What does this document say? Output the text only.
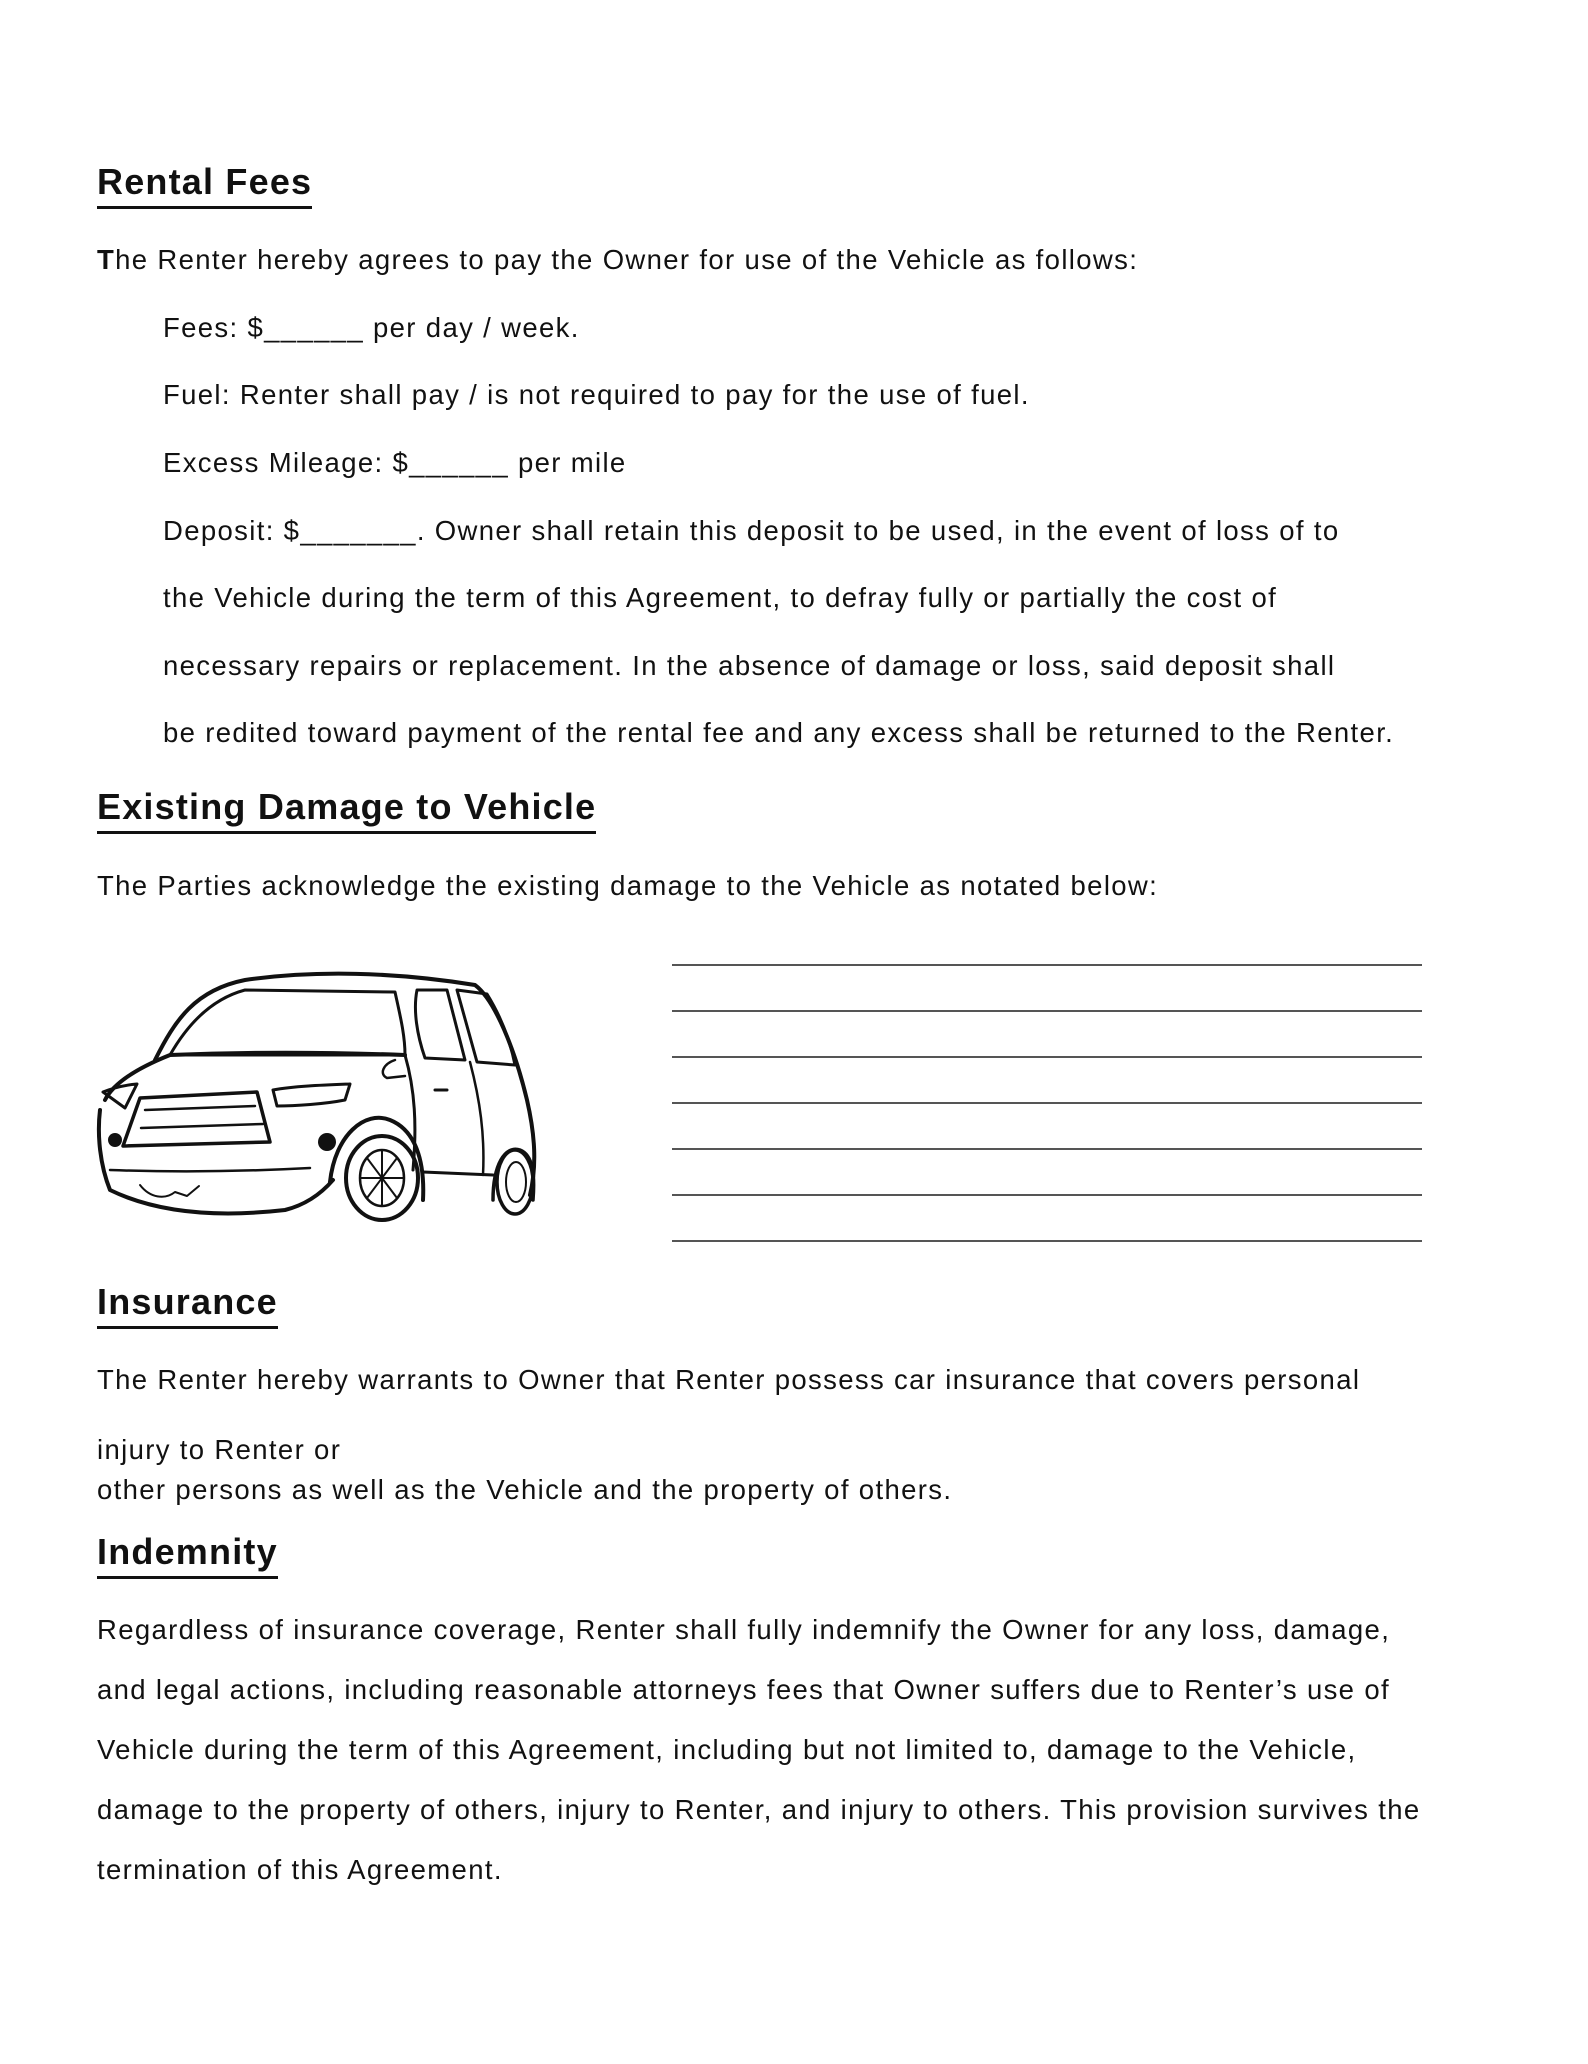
Rental Fees

The Renter hereby agrees to pay the Owner for use of the Vehicle as follows:

Fees: $______ per day / week.

Fuel: Renter shall pay / is not required to pay for the use of fuel.

Excess Mileage: $______ per mile

Deposit: $_______. Owner shall retain this deposit to be used, in the event of loss of to

the Vehicle during the term of this Agreement, to defray fully or partially the cost of

necessary repairs or replacement. In the absence of damage or loss, said deposit shall

be redited toward payment of the rental fee and any excess shall be returned to the Renter.

Existing Damage to Vehicle

The Parties acknowledge the existing damage to the Vehicle as notated below:

Insurance

The Renter hereby warrants to Owner that Renter possess car insurance that covers personal

injury to Renter or

other persons as well as the Vehicle and the property of others.

Indemnity

Regardless of insurance coverage, Renter shall fully indemnify the Owner for any loss, damage,

and legal actions, including reasonable attorneys fees that Owner suffers due to Renter’s use of

Vehicle during the term of this Agreement, including but not limited to, damage to the Vehicle,

damage to the property of others, injury to Renter, and injury to others. This provision survives the

termination of this Agreement.
